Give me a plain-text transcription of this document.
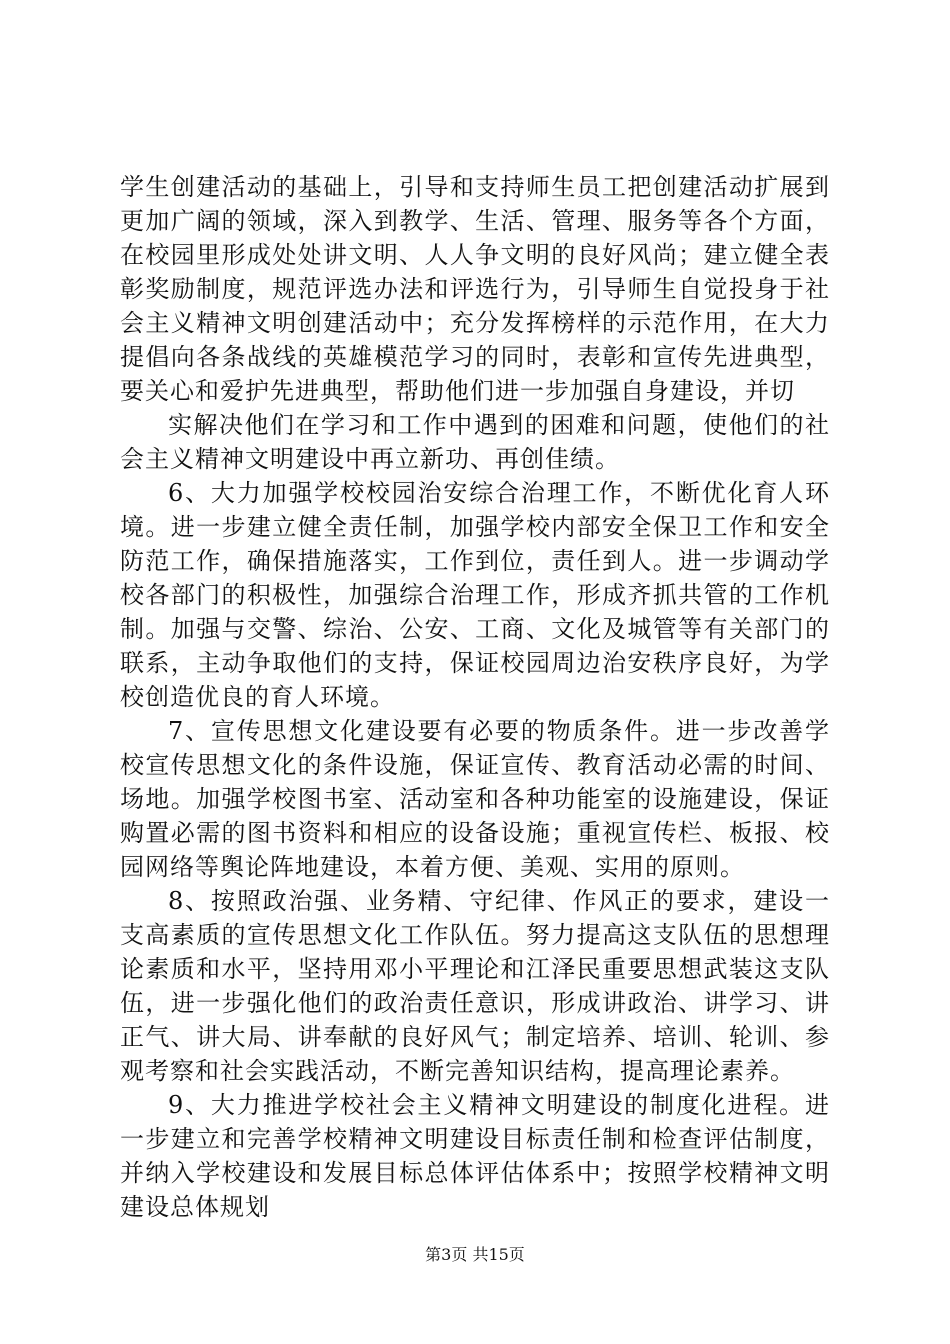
学生创建活动的基础上，引导和支持师生员工把创建活动扩展到更加广阔的领域，深入到教学、生活、管理、服务等各个方面，在校园里形成处处讲文明、人人争文明的良好风尚；建立健全表彰奖励制度，规范评选办法和评选行为，引导师生自觉投身于社会主义精神文明创建活动中；充分发挥榜样的示范作用，在大力提倡向各条战线的英雄模范学习的同时，表彰和宣传先进典型，要关心和爱护先进典型，帮助他们进一步加强自身建设，并切

实解决他们在学习和工作中遇到的困难和问题，使他们的社会主义精神文明建设中再立新功、再创佳绩。

6、大力加强学校校园治安综合治理工作，不断优化育人环境。进一步建立健全责任制，加强学校内部安全保卫工作和安全防范工作，确保措施落实，工作到位，责任到人。进一步调动学校各部门的积极性，加强综合治理工作，形成齐抓共管的工作机制。加强与交警、综治、公安、工商、文化及城管等有关部门的联系，主动争取他们的支持，保证校园周边治安秩序良好，为学校创造优良的育人环境。

7、宣传思想文化建设要有必要的物质条件。进一步改善学校宣传思想文化的条件设施，保证宣传、教育活动必需的时间、场地。加强学校图书室、活动室和各种功能室的设施建设，保证购置必需的图书资料和相应的设备设施；重视宣传栏、板报、校园网络等舆论阵地建设，本着方便、美观、实用的原则。

8、按照政治强、业务精、守纪律、作风正的要求，建设一支高素质的宣传思想文化工作队伍。努力提高这支队伍的思想理论素质和水平，坚持用邓小平理论和江泽民重要思想武装这支队伍，进一步强化他们的政治责任意识，形成讲政治、讲学习、讲正气、讲大局、讲奉献的良好风气；制定培养、培训、轮训、参观考察和社会实践活动，不断完善知识结构，提高理论素养。

9、大力推进学校社会主义精神文明建设的制度化进程。进一步建立和完善学校精神文明建设目标责任制和检查评估制度，并纳入学校建设和发展目标总体评估体系中；按照学校精神文明建设总体规划

第3页 共15页
